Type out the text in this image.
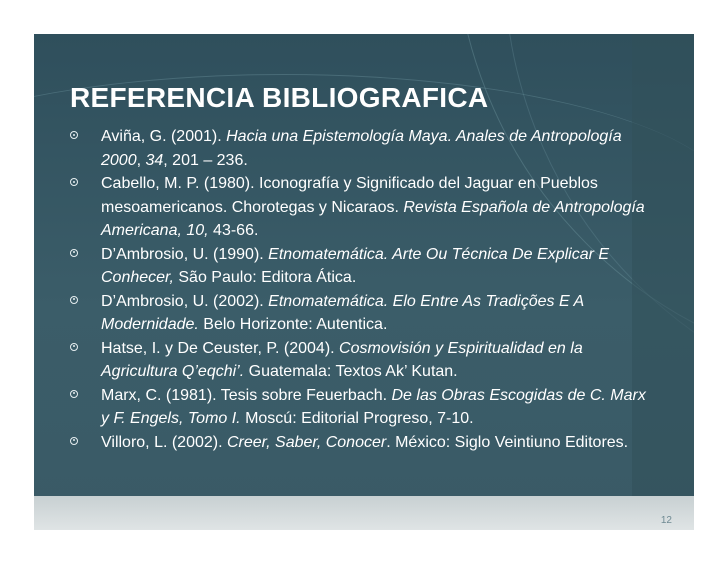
REFERENCIA BIBLIOGRAFICA
Aviña, G. (2001). Hacia una Epistemología Maya. Anales de Antropología 2000, 34, 201 – 236.
Cabello, M. P. (1980). Iconografía y Significado del Jaguar en Pueblos mesoamericanos. Chorotegas y Nicaraos. Revista Española de Antropología Americana, 10, 43-66.
D’Ambrosio, U. (1990). Etnomatemática. Arte Ou Técnica De Explicar E Conhecer, São Paulo: Editora Ática.
D’Ambrosio, U. (2002). Etnomatemática. Elo Entre As Tradições E A Modernidade. Belo Horizonte: Autentica.
Hatse, I. y De Ceuster, P. (2004). Cosmovisión y Espiritualidad en la Agricultura Q’eqchi’. Guatemala: Textos Ak’ Kutan.
Marx, C. (1981). Tesis sobre Feuerbach. De las Obras Escogidas de C. Marx y F. Engels, Tomo I. Moscú: Editorial Progreso, 7-10.
Villoro, L. (2002). Creer, Saber, Conocer. México: Siglo Veintiuno Editores.
12
